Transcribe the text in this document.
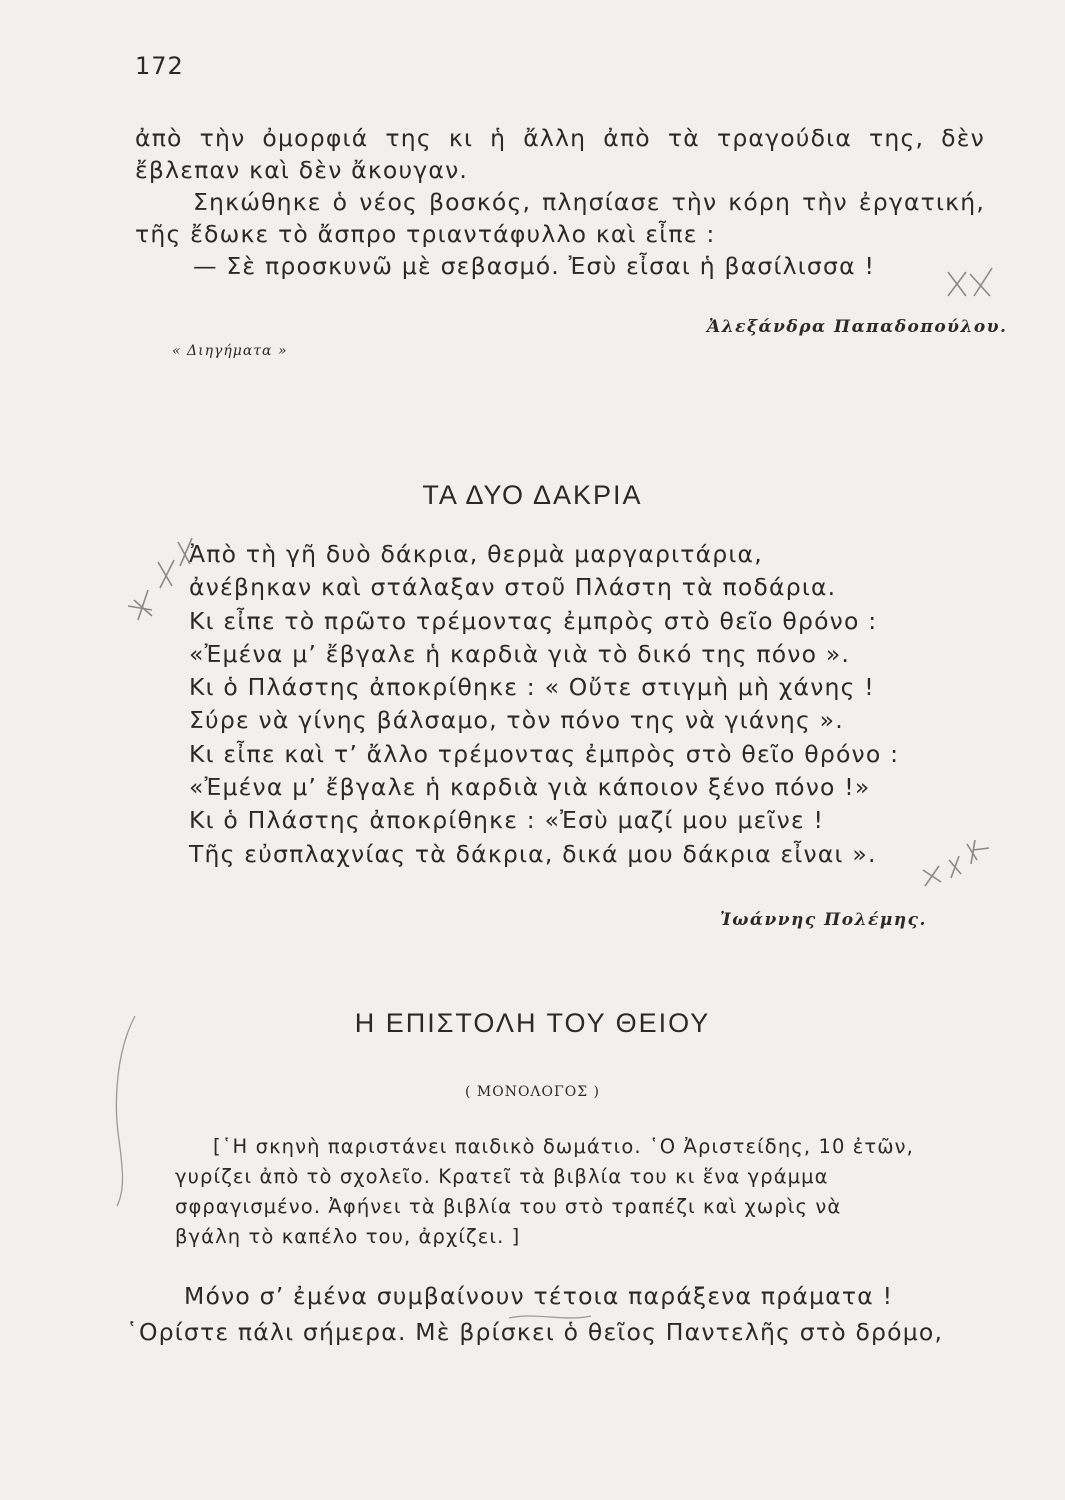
172

ἀπὸ τὴν ὀμορφιά της κι ἡ ἄλλη ἀπὸ τὰ τραγούδια της, δὲν

ἔβλεπαν καὶ δὲν ἄκουγαν.

Σηκώθηκε ὁ νέος βοσκός, πλησίασε τὴν κόρη τὴν ἐργατική,

τῆς ἔδωκε τὸ ἄσπρο τριαντάφυλλο καὶ εἶπε :

— Σὲ προσκυνῶ μὲ σεβασμό. Ἐσὺ εἶσαι ἡ βασίλισσα !

Ἀλεξάνδρα Παπαδοπούλου.
« Διηγήματα »
ΤΑ ΔΥΟ ΔΑΚΡΙΑ
Ἀπὸ τὴ γῆ δυὸ δάκρια, θερμὰ μαργαριτάρια,
ἀνέβηκαν καὶ στάλαξαν στοῦ Πλάστη τὰ ποδάρια.
Κι εἶπε τὸ πρῶτο τρέμοντας ἐμπρὸς στὸ θεῖο θρόνο :
«Ἐμένα μ’ ἔβγαλε ἡ καρδιὰ γιὰ τὸ δικό της πόνο ».
Κι ὁ Πλάστης ἀποκρίθηκε : « Οὔτε στιγμὴ μὴ χάνης !
Σύρε νὰ γίνης βάλσαμο, τὸν πόνο της νὰ γιάνης ».
Κι εἶπε καὶ τ’ ἄλλο τρέμοντας ἐμπρὸς στὸ θεῖο θρόνο :
«Ἐμένα μ’ ἔβγαλε ἡ καρδιὰ γιὰ κάποιον ξένο πόνο !»
Κι ὁ Πλάστης ἀποκρίθηκε : «Ἐσὺ μαζί μου μεῖνε !
Τῆς εὐσπλαχνίας τὰ δάκρια, δικά μου δάκρια εἶναι ».
Ἰωάννης Πολέμης.
Η ΕΠΙΣΤΟΛΗ ΤΟΥ ΘΕΙΟΥ
( ΜΟΝΟΛΟΓΟΣ )

[῾Η σκηνὴ παριστάνει παιδικὸ δωμάτιο. ῾Ο Ἀριστείδης, 10 ἐτῶν,

γυρίζει ἀπὸ τὸ σχολεῖο. Κρατεῖ τὰ βιβλία του κι ἕνα γράμμα

σφραγισμένο. Ἀφήνει τὰ βιβλία του στὸ τραπέζι καὶ χωρὶς νὰ

βγάλη τὸ καπέλο του, ἀρχίζει. ]

Μόνο σ’ ἐμένα συμβαίνουν τέτοια παράξενα πράματα !

῾Ορίστε πάλι σήμερα. Μὲ βρίσκει ὁ θεῖος Παντελῆς στὸ δρόμο,
